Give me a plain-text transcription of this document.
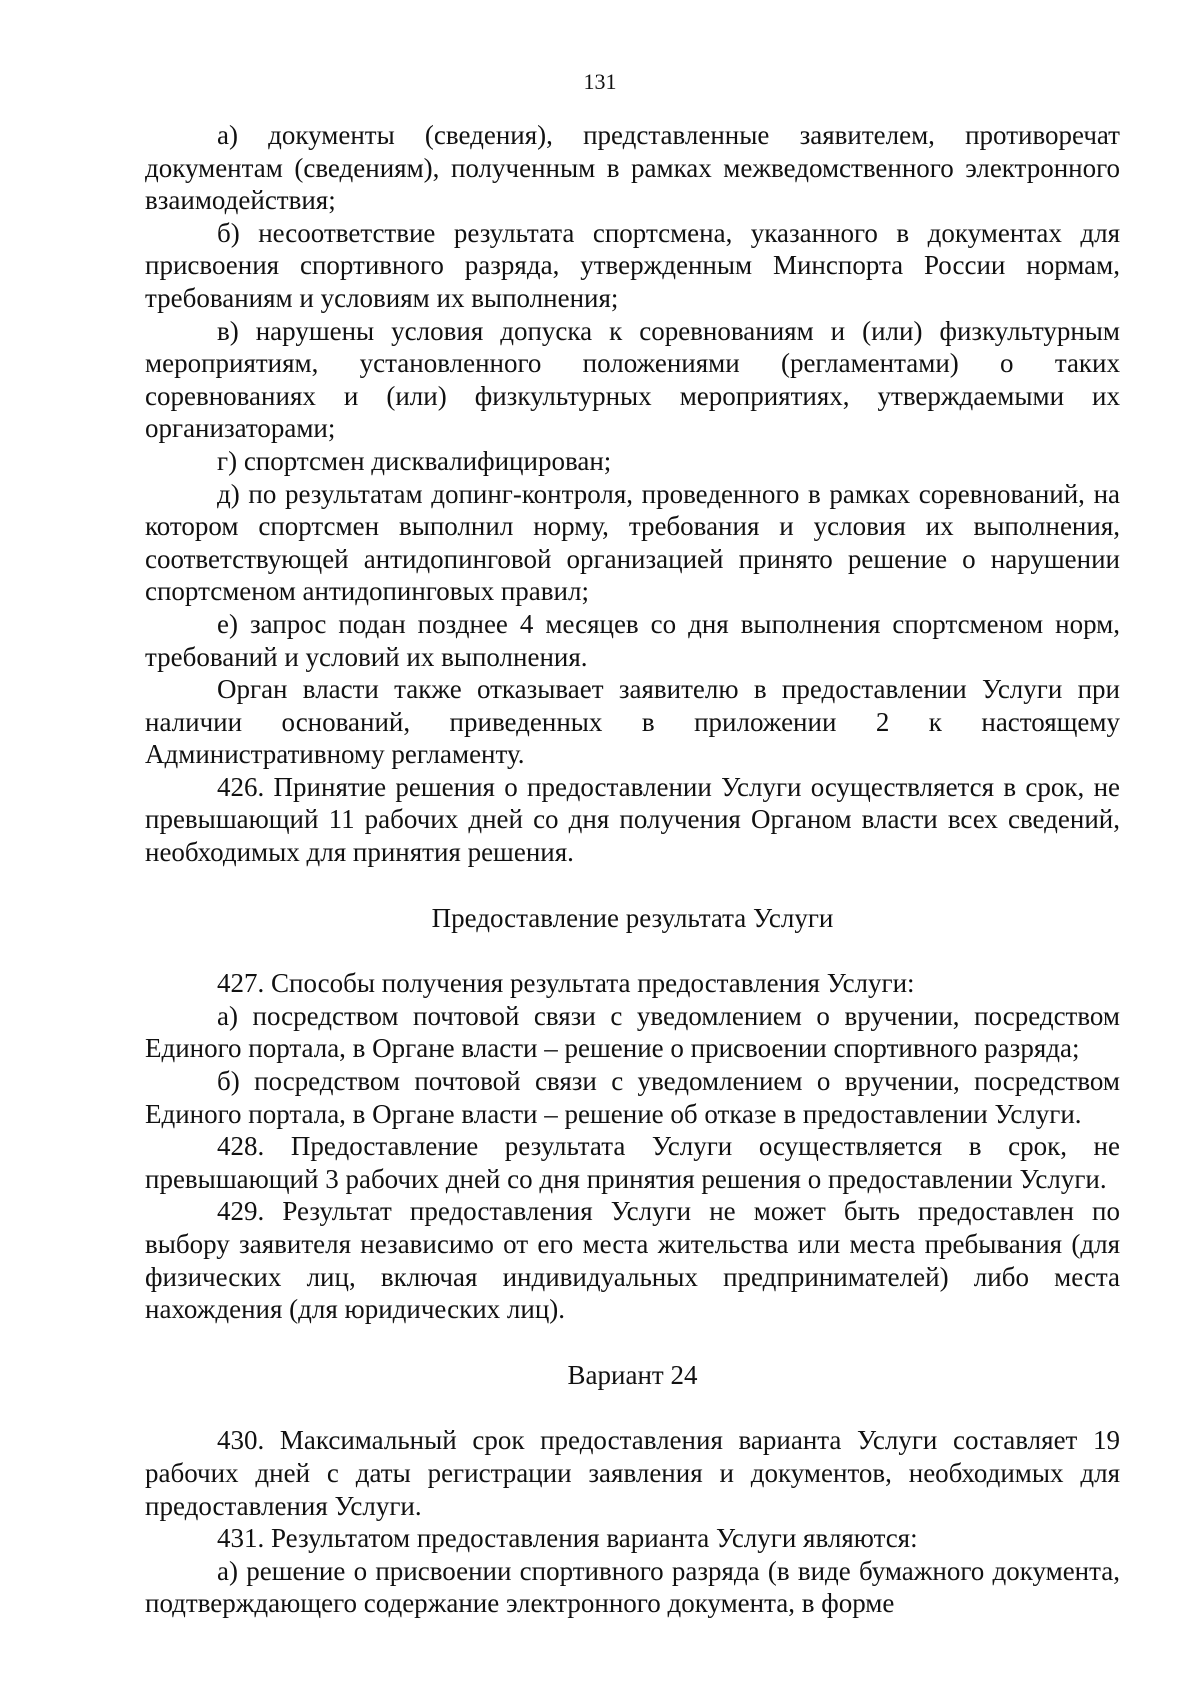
131

а) документы (сведения), представленные заявителем, противоречат документам (сведениям), полученным в рамках межведомственного электронного взаимодействия;

б) несоответствие результата спортсмена, указанного в документах для присвоения спортивного разряда, утвержденным Минспорта России нормам, требованиям и условиям их выполнения;

в) нарушены условия допуска к соревнованиям и (или) физкультурным мероприятиям, установленного положениями (регламентами) о таких соревнованиях и (или) физкультурных мероприятиях, утверждаемыми их организаторами;

г) спортсмен дисквалифицирован;

д) по результатам допинг-контроля, проведенного в рамках соревнований, на котором спортсмен выполнил норму, требования и условия их выполнения, соответствующей антидопинговой организацией принято решение о нарушении спортсменом антидопинговых правил;

е) запрос подан позднее 4 месяцев со дня выполнения спортсменом норм, требований и условий их выполнения.

Орган власти также отказывает заявителю в предоставлении Услуги при наличии оснований, приведенных в приложении 2 к настоящему Административному регламенту.

426. Принятие решения о предоставлении Услуги осуществляется в срок, не превышающий 11 рабочих дней со дня получения Органом власти всех сведений, необходимых для принятия решения.

Предоставление результата Услуги

427. Способы получения результата предоставления Услуги:

а) посредством почтовой связи с уведомлением о вручении, посредством Единого портала, в Органе власти – решение о присвоении спортивного разряда;

б) посредством почтовой связи с уведомлением о вручении, посредством Единого портала, в Органе власти – решение об отказе в предоставлении Услуги.

428. Предоставление результата Услуги осуществляется в срок, не превышающий 3 рабочих дней со дня принятия решения о предоставлении Услуги.

429. Результат предоставления Услуги не может быть предоставлен по выбору заявителя независимо от его места жительства или места пребывания (для физических лиц, включая индивидуальных предпринимателей) либо места нахождения (для юридических лиц).

Вариант 24

430. Максимальный срок предоставления варианта Услуги составляет 19 рабочих дней с даты регистрации заявления и документов, необходимых для предоставления Услуги.

431. Результатом предоставления варианта Услуги являются:

а) решение о присвоении спортивного разряда (в виде бумажного документа, подтверждающего содержание электронного документа, в форме
